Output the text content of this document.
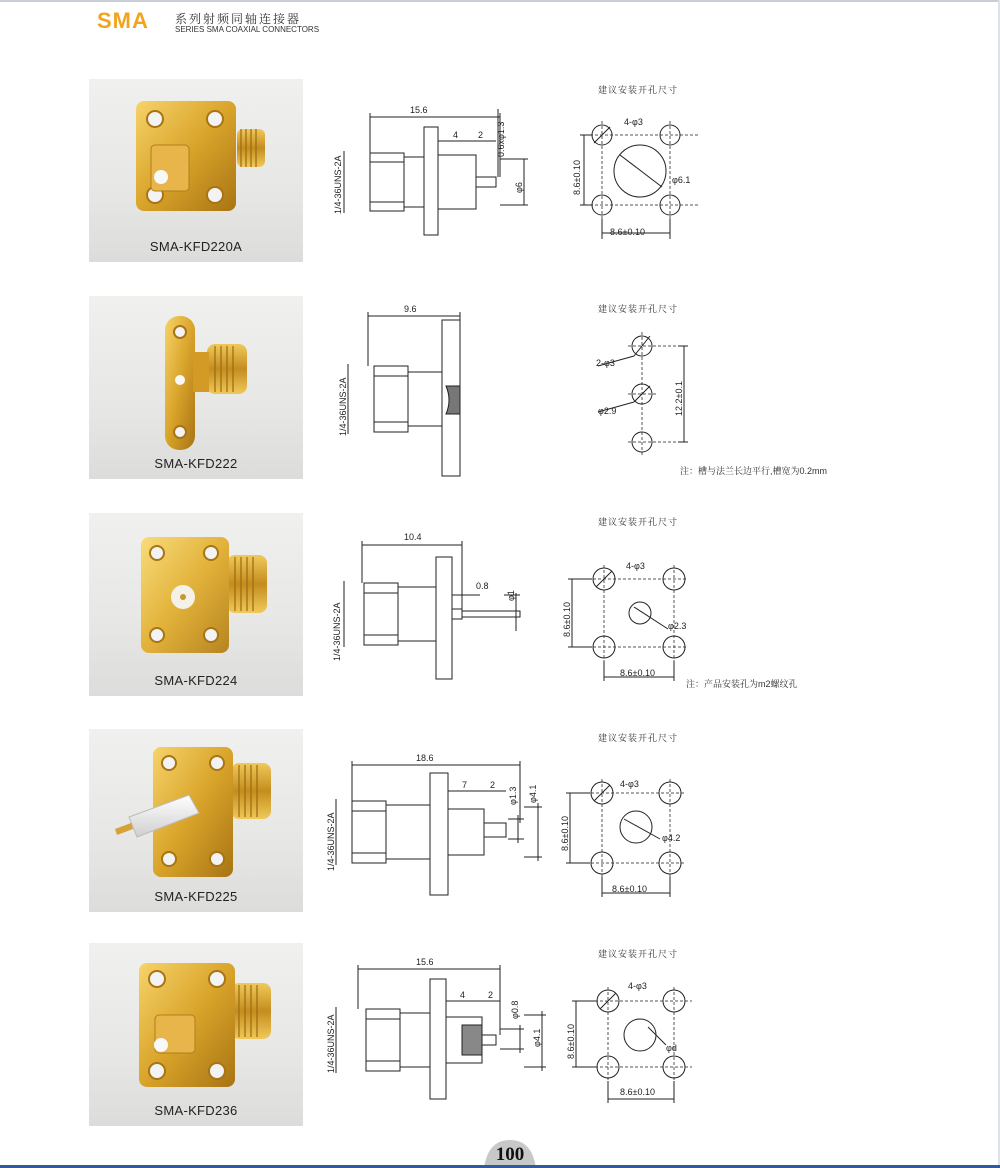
SMA 系列射频同轴连接器
SERIES SMA COAXIAL CONNECTORS
SMA-KFD220A
15.6
4 2 0.6xφ1.3
φ6
1/4-36UNS-2A
建议安装开孔尺寸
4-φ3
φ6.1
8.6±0.10
8.6±0.10
SMA-KFD222
9.6
1/4-36UNS-2A
建议安装开孔尺寸
2-φ3
φ2.9	12.2±0.1
注：槽与法兰长边平行,槽宽为0.2mm
SMA-KFD224
10.4
0.8
φ1
1/4-36UNS-2A
建议安装开孔尺寸
4-φ3
φ2.3
8.6±0.10
8.6±0.10
注：产品安装孔为m2螺纹孔
SMA-KFD225
18.6
7	2
φ1.3 φ4.1
1/4-36UNS-2A
建议安装开孔尺寸
4-φ3
φ4.2
8.6±0.10
8.6±0.10
SMA-KFD236
15.6
4	2
φ0.8
φ4.1
1/4-36UNS-2A
建议安装开孔尺寸
4-φ3
φd
8.6±0.10
8.6±0.10
100
